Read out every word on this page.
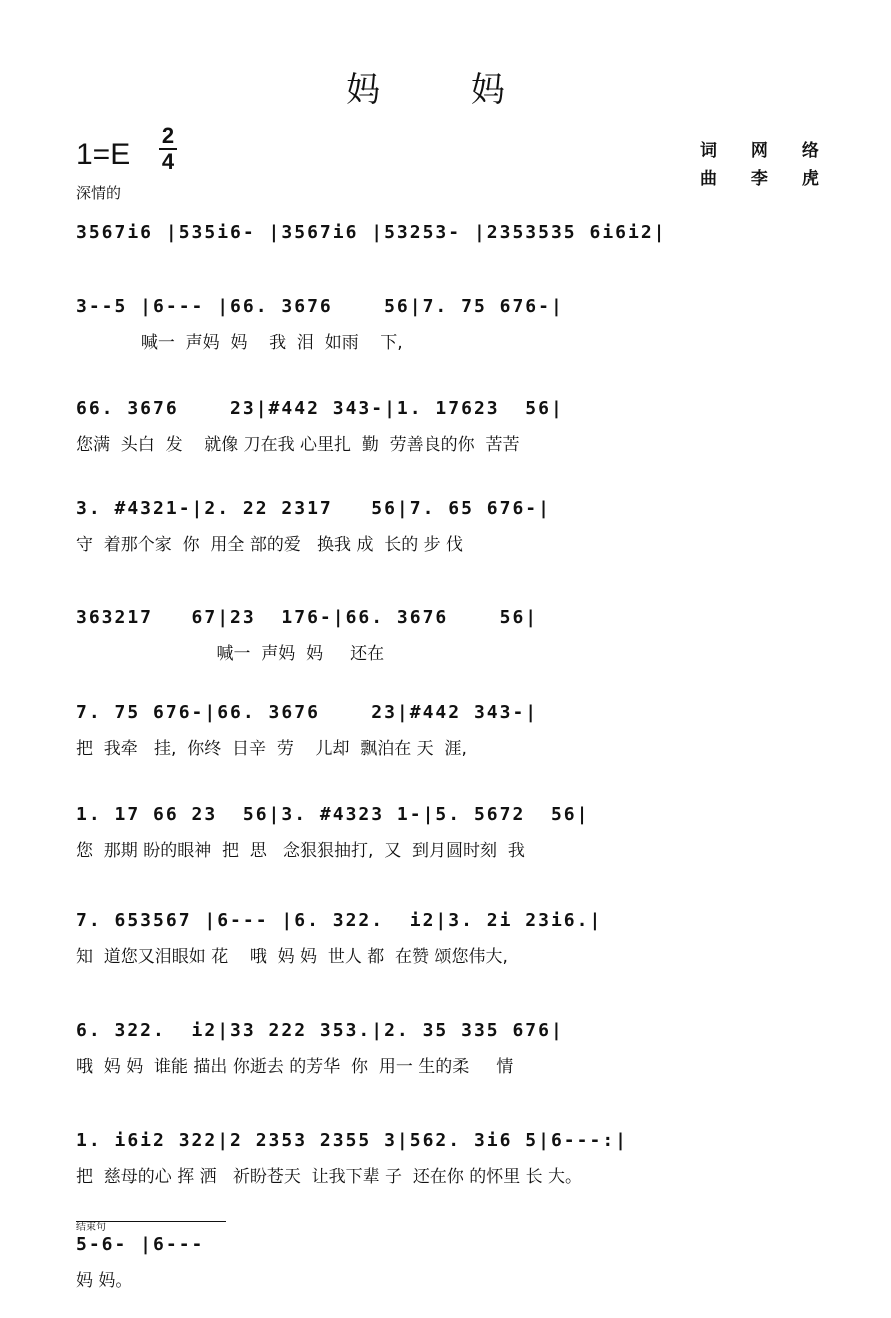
妈 妈
1=E
2
4
深情的
词 网 络
曲 李 虎
3567i6 |535i6- |3567i6 |53253- |2353535 6i6i2|
3--5 |6--- |66. 3676    56|7. 75 676-|
喊一  声妈  妈    我  泪  如雨    下,
66. 3676    23|#442 343-|1. 17623  56|
您满  头白  发    就像 刀在我 心里扎  勤  劳善良的你  苦苦
3. #4321-|2. 22 2317   56|7. 65 676-|
守  着那个家  你  用全 部的爱   换我 成  长的 步 伐
363217   67|23  176-|66. 3676    56|
喊一  声妈  妈     还在
7. 75 676-|66. 3676    23|#442 343-|
把  我牵   挂,  你终  日辛  劳    儿却  飘泊在 天  涯,
1. 17 66 23  56|3. #4323 1-|5. 5672  56|
您  那期 盼的眼神  把  思   念狠狠抽打,  又  到月圆时刻  我
7. 653567 |6--- |6. 322.  i2|3. 2i 23i6.|
知  道您又泪眼如 花    哦  妈 妈  世人 都  在赞 颂您伟大,
6. 322.  i2|33 222 353.|2. 35 335 676|
哦  妈 妈  谁能 描出 你逝去 的芳华  你  用一 生的柔     情
1. i6i2 322|2 2353 2355 3|562. 3i6 5|6---:|
把  慈母的心 挥 洒   祈盼苍天  让我下辈 子  还在你 的怀里 长 大。
结束句
5-6- |6---
妈 妈。
